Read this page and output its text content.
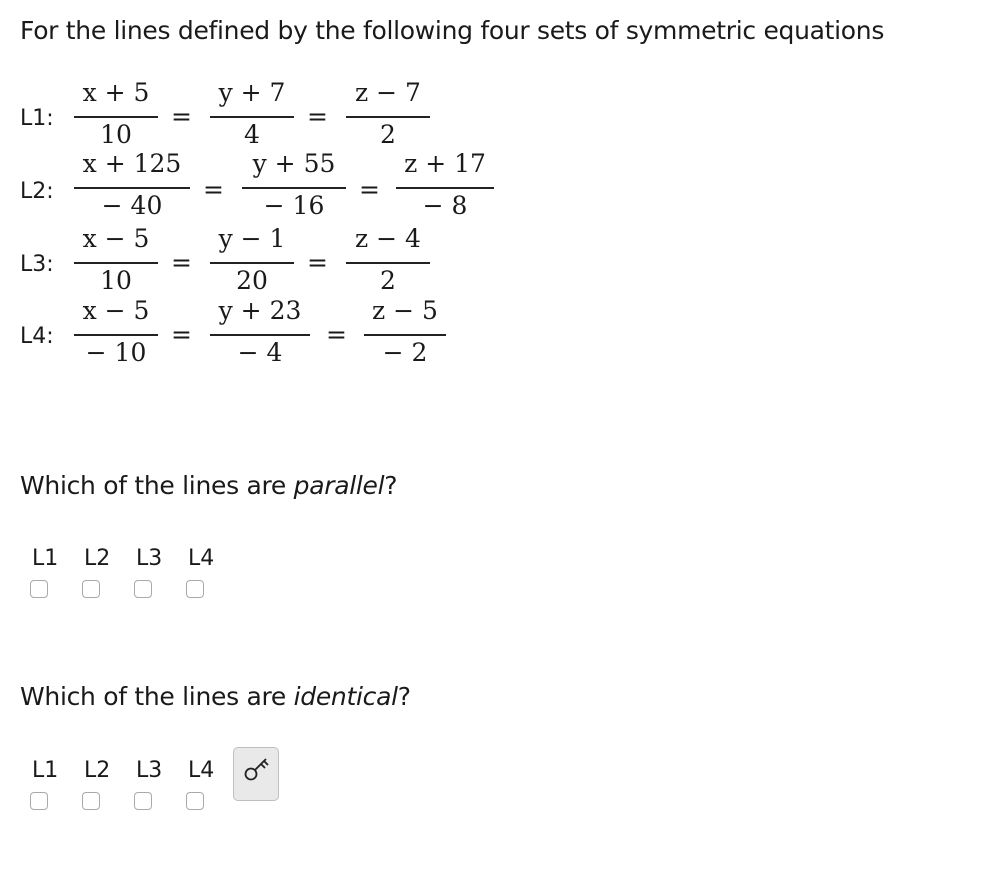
For the lines defined by the following four sets of symmetric equations
L1:
x + 5
10
=
y + 7
4
=
z − 7
2
L2:
x + 125
− 40
=
y + 55
− 16
=
z + 17
− 8
L3:
x − 5
10
=
y − 1
20
=
z − 4
2
L4:
x − 5
− 10
=
y + 23
− 4
=
z − 5
− 2
Which of the lines are parallel?
L1 L2 L3 L4
Which of the lines are identical?
L1 L2 L3 L4
